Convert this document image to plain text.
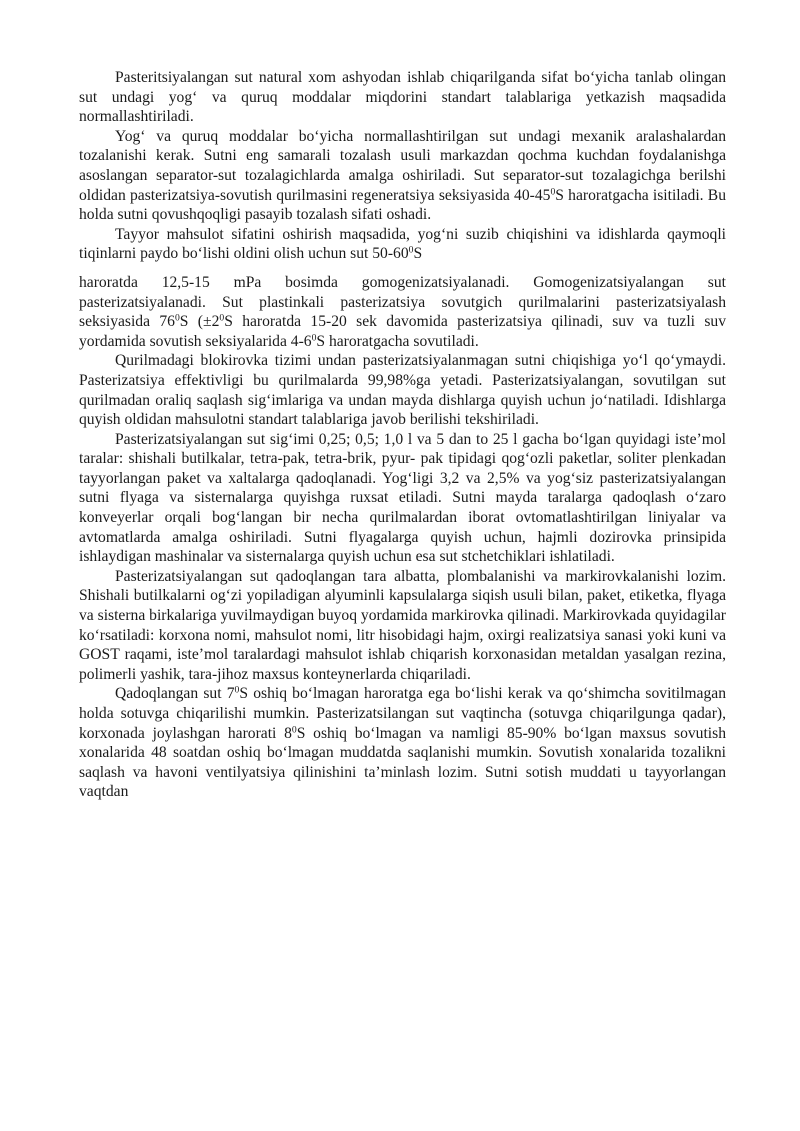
Pasteritsiyalangan sut natural xom ashyodan ishlab chiqarilganda sifat bo‘yicha tanlab olingan sut undagi yog‘ va quruq moddalar miqdorini standart talablariga yetkazish maqsadida normallashtiriladi.

Yog‘ va quruq moddalar bo‘yicha normallashtirilgan sut undagi mexanik aralashalardan tozalanishi kerak. Sutni eng samarali tozalash usuli markazdan qochma kuchdan foydalanishga asoslangan separator-sut tozalagichlarda amalga oshiriladi. Sut separator-sut tozalagichga berilshi oldidan pasterizatsiya-sovutish qurilmasini regeneratsiya seksiyasida $40-45^0S$ haroratgacha isitiladi. Bu holda sutni qovushqoqligi pasayib tozalash sifati oshadi.

Tayyor mahsulot sifatini oshirish maqsadida, yog‘ni suzib chiqishini va idishlarda qaymoqli tiqinlarni paydo bo‘lishi oldini olish uchun sut $50-60^0S$

haroratda 12,5-15 mPa bosimda gomogenizatsiyalanadi. Gomogenizatsiyalangan sut pasterizatsiyalanadi. Sut plastinkali pasterizatsiya sovutgich qurilmalarini pasterizatsiyalash seksiyasida $76^0S$ ($\pm 2^0S$ haroratda 15-20 sek davomida pasterizatsiya qilinadi, suv va tuzli suv yordamida sovutish seksiyalarida $4-6^0S$ haroratgacha sovutiladi.

Qurilmadagi blokirovka tizimi undan pasterizatsiyalanmagan sutni chiqishiga yo‘l qo‘ymaydi. Pasterizatsiya effektivligi bu qurilmalarda 99,98%ga yetadi. Pasterizatsiyalangan, sovutilgan sut qurilmadan oraliq saqlash sig‘imlariga va undan mayda dishlarga quyish uchun jo‘natiladi. Idishlarga quyish oldidan mahsulotni standart talablariga javob berilishi tekshiriladi.

Pasterizatsiyalangan sut sig‘imi 0,25; 0,5; 1,0 l va 5 dan to 25 l gacha bo‘lgan quyidagi iste’mol taralar: shishali butilkalar, tetra-pak, tetra-brik, pyur- pak tipidagi qog‘ozli paketlar, soliter plenkadan tayyorlangan paket va xaltalarga qadoqlanadi. Yog‘ligi 3,2 va 2,5% va yog‘siz pasterizatsiyalangan sutni flyaga va sisternalarga quyishga ruxsat etiladi. Sutni mayda taralarga qadoqlash o‘zaro konveyerlar orqali bog‘langan bir necha qurilmalardan iborat ovtomatlashtirilgan liniyalar va avtomatlarda amalga oshiriladi. Sutni flyagalarga quyish uchun, hajmli dozirovka prinsipida ishlaydigan mashinalar va sisternalarga quyish uchun esa sut stchetchiklari ishlatiladi.

Pasterizatsiyalangan sut qadoqlangan tara albatta, plombalanishi va markirovkalanishi lozim. Shishali butilkalarni og‘zi yopiladigan alyuminli kapsulalarga siqish usuli bilan, paket, etiketka, flyaga va sisterna birkalariga yuvilmaydigan buyoq yordamida markirovka qilinadi. Markirovkada quyidagilar ko‘rsatiladi: korxona nomi, mahsulot nomi, litr hisobidagi hajm, oxirgi realizatsiya sanasi yoki kuni va GOST raqami, iste’mol taralardagi mahsulot ishlab chiqarish korxonasidan metaldan yasalgan rezina, polimerli yashik, tara-jihoz maxsus konteynerlarda chiqariladi.

Qadoqlangan sut $7^0S$ oshiq bo‘lmagan haroratga ega bo‘lishi kerak va qo‘shimcha sovitilmagan holda sotuvga chiqarilishi mumkin. Pasterizatsilangan sut vaqtincha (sotuvga chiqarilgunga qadar), korxonada joylashgan harorati $8^0S$ oshiq bo‘lmagan va namligi 85-90% bo‘lgan maxsus sovutish xonalarida 48 soatdan oshiq bo‘lmagan muddatda saqlanishi mumkin. Sovutish xonalarida tozalikni saqlash va havoni ventilyatsiya qilinishini ta’minlash lozim. Sutni sotish muddati u tayyorlangan vaqtdan
